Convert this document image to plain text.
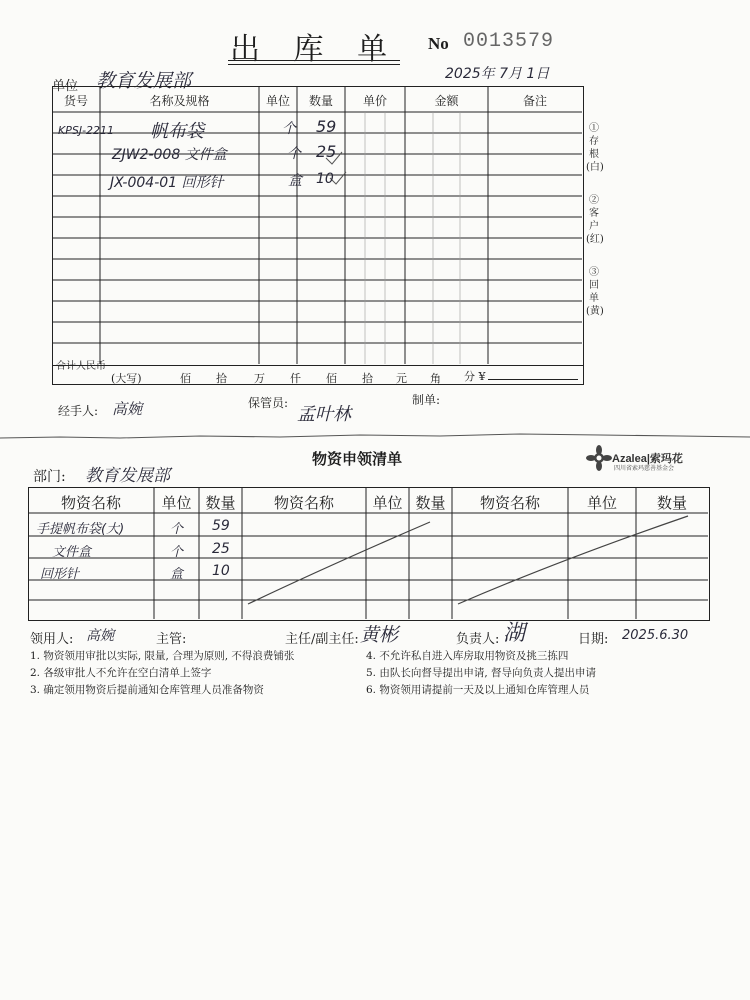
出 库 单 No 0013579
单位 教育发展部	2025年 7月 1日
货号	名称及规格	单位	数量	单价	金额	备注
KPSJ-2211 帆布袋	个 59
ZJW2-008 文件盒	个 25
JX-004-01 回形针	盒 10
合计人民币
(大写)	佰 拾 万 仟 佰 拾 元 角 分 ¥
经手人: 高婉	保管员:
孟叶林
制单:
①存根(白)
②客户(红)
③回单(黄)
物资申领清单	Azalea|索玛花
四川省索玛慈善基金会
部门: 教育发展部
物资名称	单位 数量	物资名称	单位 数量	物资名称	单位	数量
手提帆布袋(大)	个 59
文件盒	个 25
回形针	盒 10
领用人: 高婉	主管:	主任/副主任: 黄彬	负责人: 湖	日期: 2025.6.30
1. 物资领用审批以实际, 限量, 合理为原则, 不得浪费铺张
2. 各级审批人不允许在空白清单上签字
3. 确定领用物资后提前通知仓库管理人员准备物资
4. 不允许私自进入库房取用物资及挑三拣四
5. 由队长向督导提出申请, 督导向负责人提出申请
6. 物资领用请提前一天及以上通知仓库管理人员
